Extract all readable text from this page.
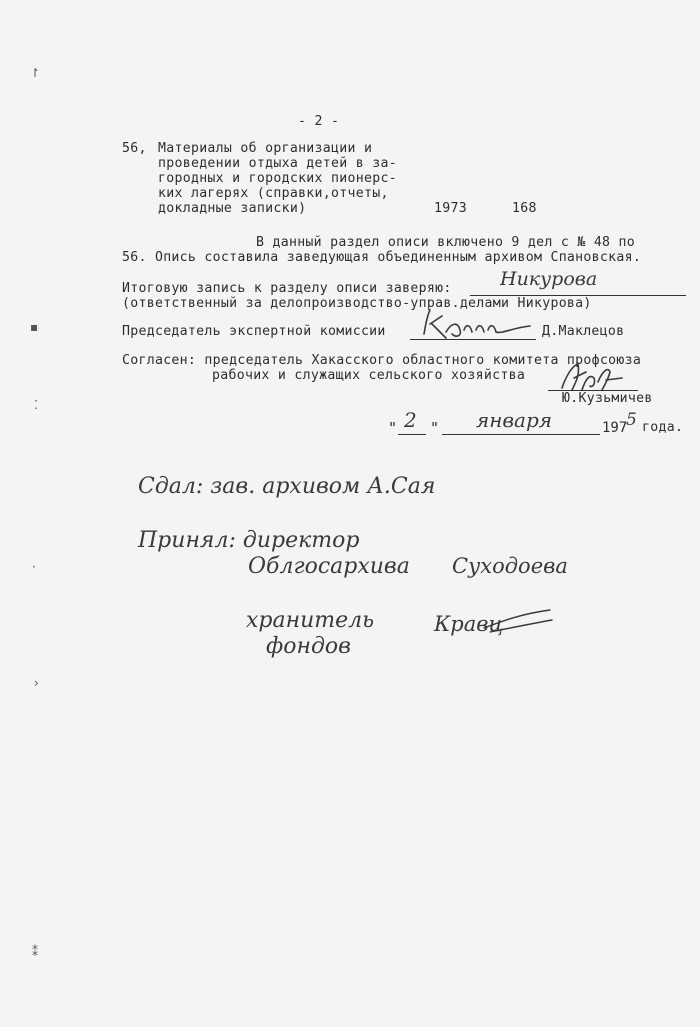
↾
▪
⁚
·
›
⁑
- 2 -
56, Материалы об организации и
проведении отдыха детей в за-
городных и городских пионерс-
ких лагерях (справки,отчеты,
докладные записки)	1973	168
В данный раздел описи включено 9 дел с № 48 по
56. Опись составила заведующая объединенным архивом Спановская.
Итоговую запись к разделу описи заверяю:	Никурова
(ответственный за делопроизводство-управ.делами Никурова)
Председатель экспертной комиссии	Д.Маклецов
Согласен: председатель Хакасского областного комитета профсоюза
рабочих и служащих сельского хозяйства
Ю.Кузьмичев
" 2 " января	197
5 года.
Сдал: зав. архивом А.Сая
Принял: директор
Облгосархива Суходоева
хранитель
фондов
Кравц
